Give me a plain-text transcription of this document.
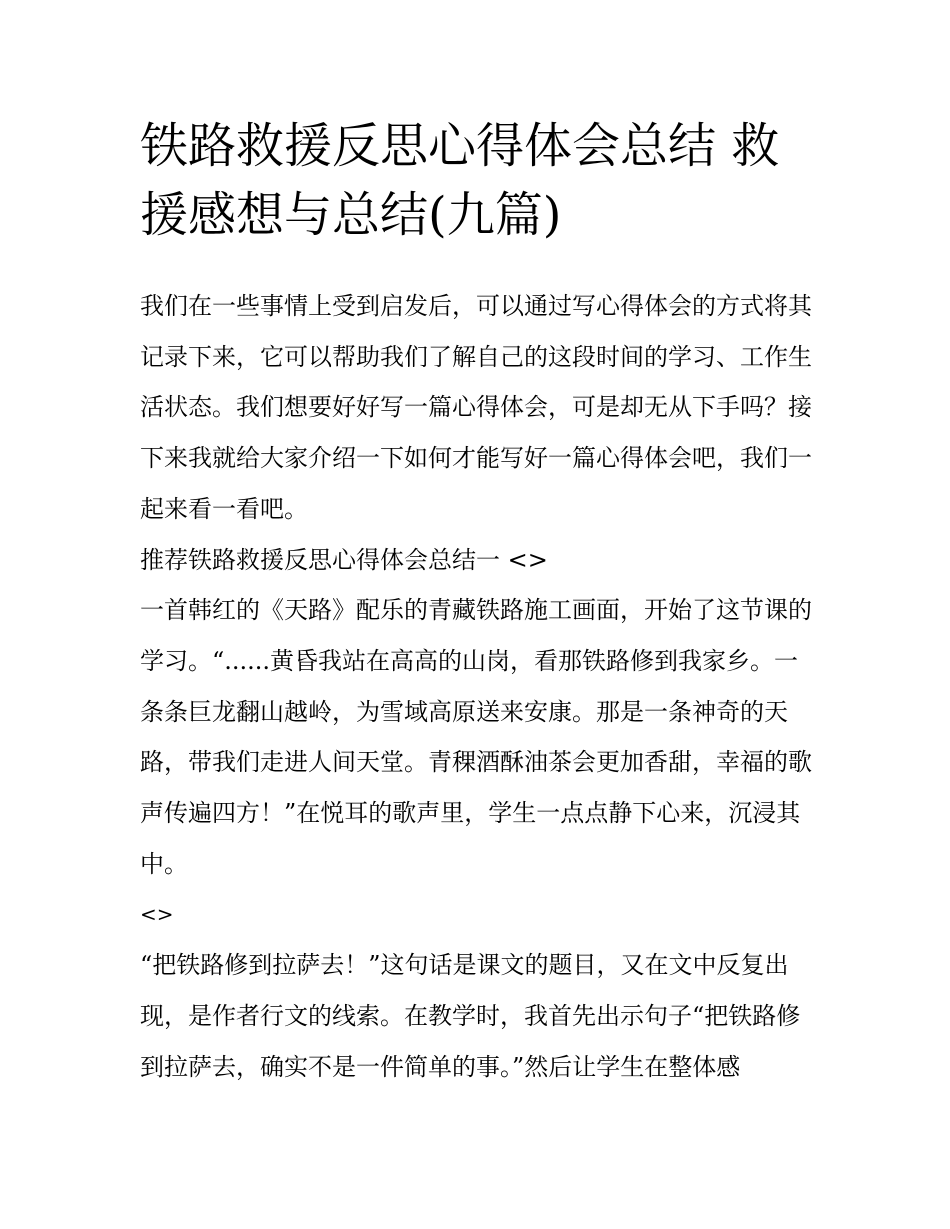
铁路救援反思心得体会总结 救援感想与总结(九篇)

我们在一些事情上受到启发后，可以通过写心得体会的方式将其记录下来，它可以帮助我们了解自己的这段时间的学习、工作生活状态。我们想要好好写一篇心得体会，可是却无从下手吗？接下来我就给大家介绍一下如何才能写好一篇心得体会吧，我们一起来看一看吧。

推荐铁路救援反思心得体会总结一 <>

一首韩红的《天路》配乐的青藏铁路施工画面，开始了这节课的学习。“......黄昏我站在高高的山岗，看那铁路修到我家乡。一条条巨龙翻山越岭，为雪域高原送来安康。那是一条神奇的天路，带我们走进人间天堂。青稞酒酥油茶会更加香甜，幸福的歌声传遍四方！”在悦耳的歌声里，学生一点点静下心来，沉浸其中。

<>

“把铁路修到拉萨去！”这句话是课文的题目，又在文中反复出现，是作者行文的线索。在教学时，我首先出示句子“把铁路修到拉萨去，确实不是一件简单的事。”然后让学生在整体感
